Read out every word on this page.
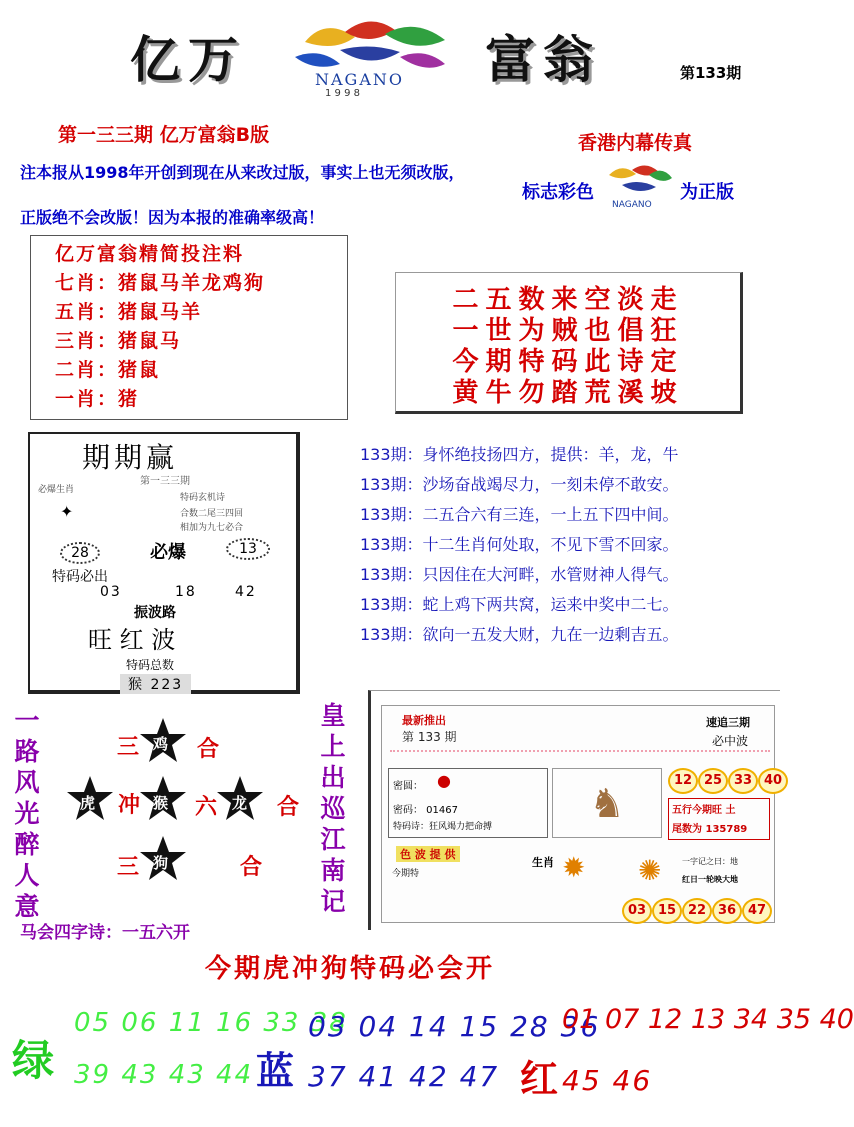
亿万	NAGANO
1 9 9 8
富翁	第133期
第一三三期 亿万富翁B版
注本报从1998年开创到现在从来改过版，事实上也无须改版，
正版绝不会改版！因为本报的准确率级高！
香港内幕传真
标志彩色
NAGANO
为正版
亿万富翁精简投注料
七肖：猪鼠马羊龙鸡狗
五肖：猪鼠马羊
三肖：猪鼠马
二肖：猪鼠
一肖：猪
二五数来空淡走
一世为贼也倡狂
今期特码此诗定
黄牛勿踏荒溪坡
期期赢
第一三三期
必爆生肖
特码玄机诗
✦	合数二尾三四回
相加为九七必合
28	必爆	13
特码必出
03	18	42
振波路
旺 红 波
特码总数
猴 223
133期：身怀绝技扬四方，提供：羊，龙，牛
133期：沙场奋战竭尽力，一刻未停不敢安。
133期：二五合六有三连，一上五下四中间。
133期：十二生肖何处取，不见下雪不回家。
133期：只因住在大河畔，水管财神人得气。
133期：蛇上鸡下两共窝，运来中奖中二七。
133期：欲向一五发大财，九在一边剩吉五。
一
路
风
光
醉
人
意
皇
上
出
巡
江
南
记
三 鸡 合
虎 冲 猴 六 龙 合
三 狗	合
马会四字诗：一五六开
最新推出
第 133 期
速追三期
必中波
密圆： ●
密码： 01467
特码诗：狂风竭力把命搏	♞
12 25 33 40
五行今期旺 土
尾数为 135789
色 波 提 供
今期特
生肖 ✹ ✺	一字记之曰：地
红日一轮映大地
03 15 22 36 47
今期虎冲狗特码必会开
绿
05 06 11 16 33 38
39 43 43 44 蓝
03 04 14 15 28 36
37 41 42 47 红
01 07 12 13 34 35 40
45 46
